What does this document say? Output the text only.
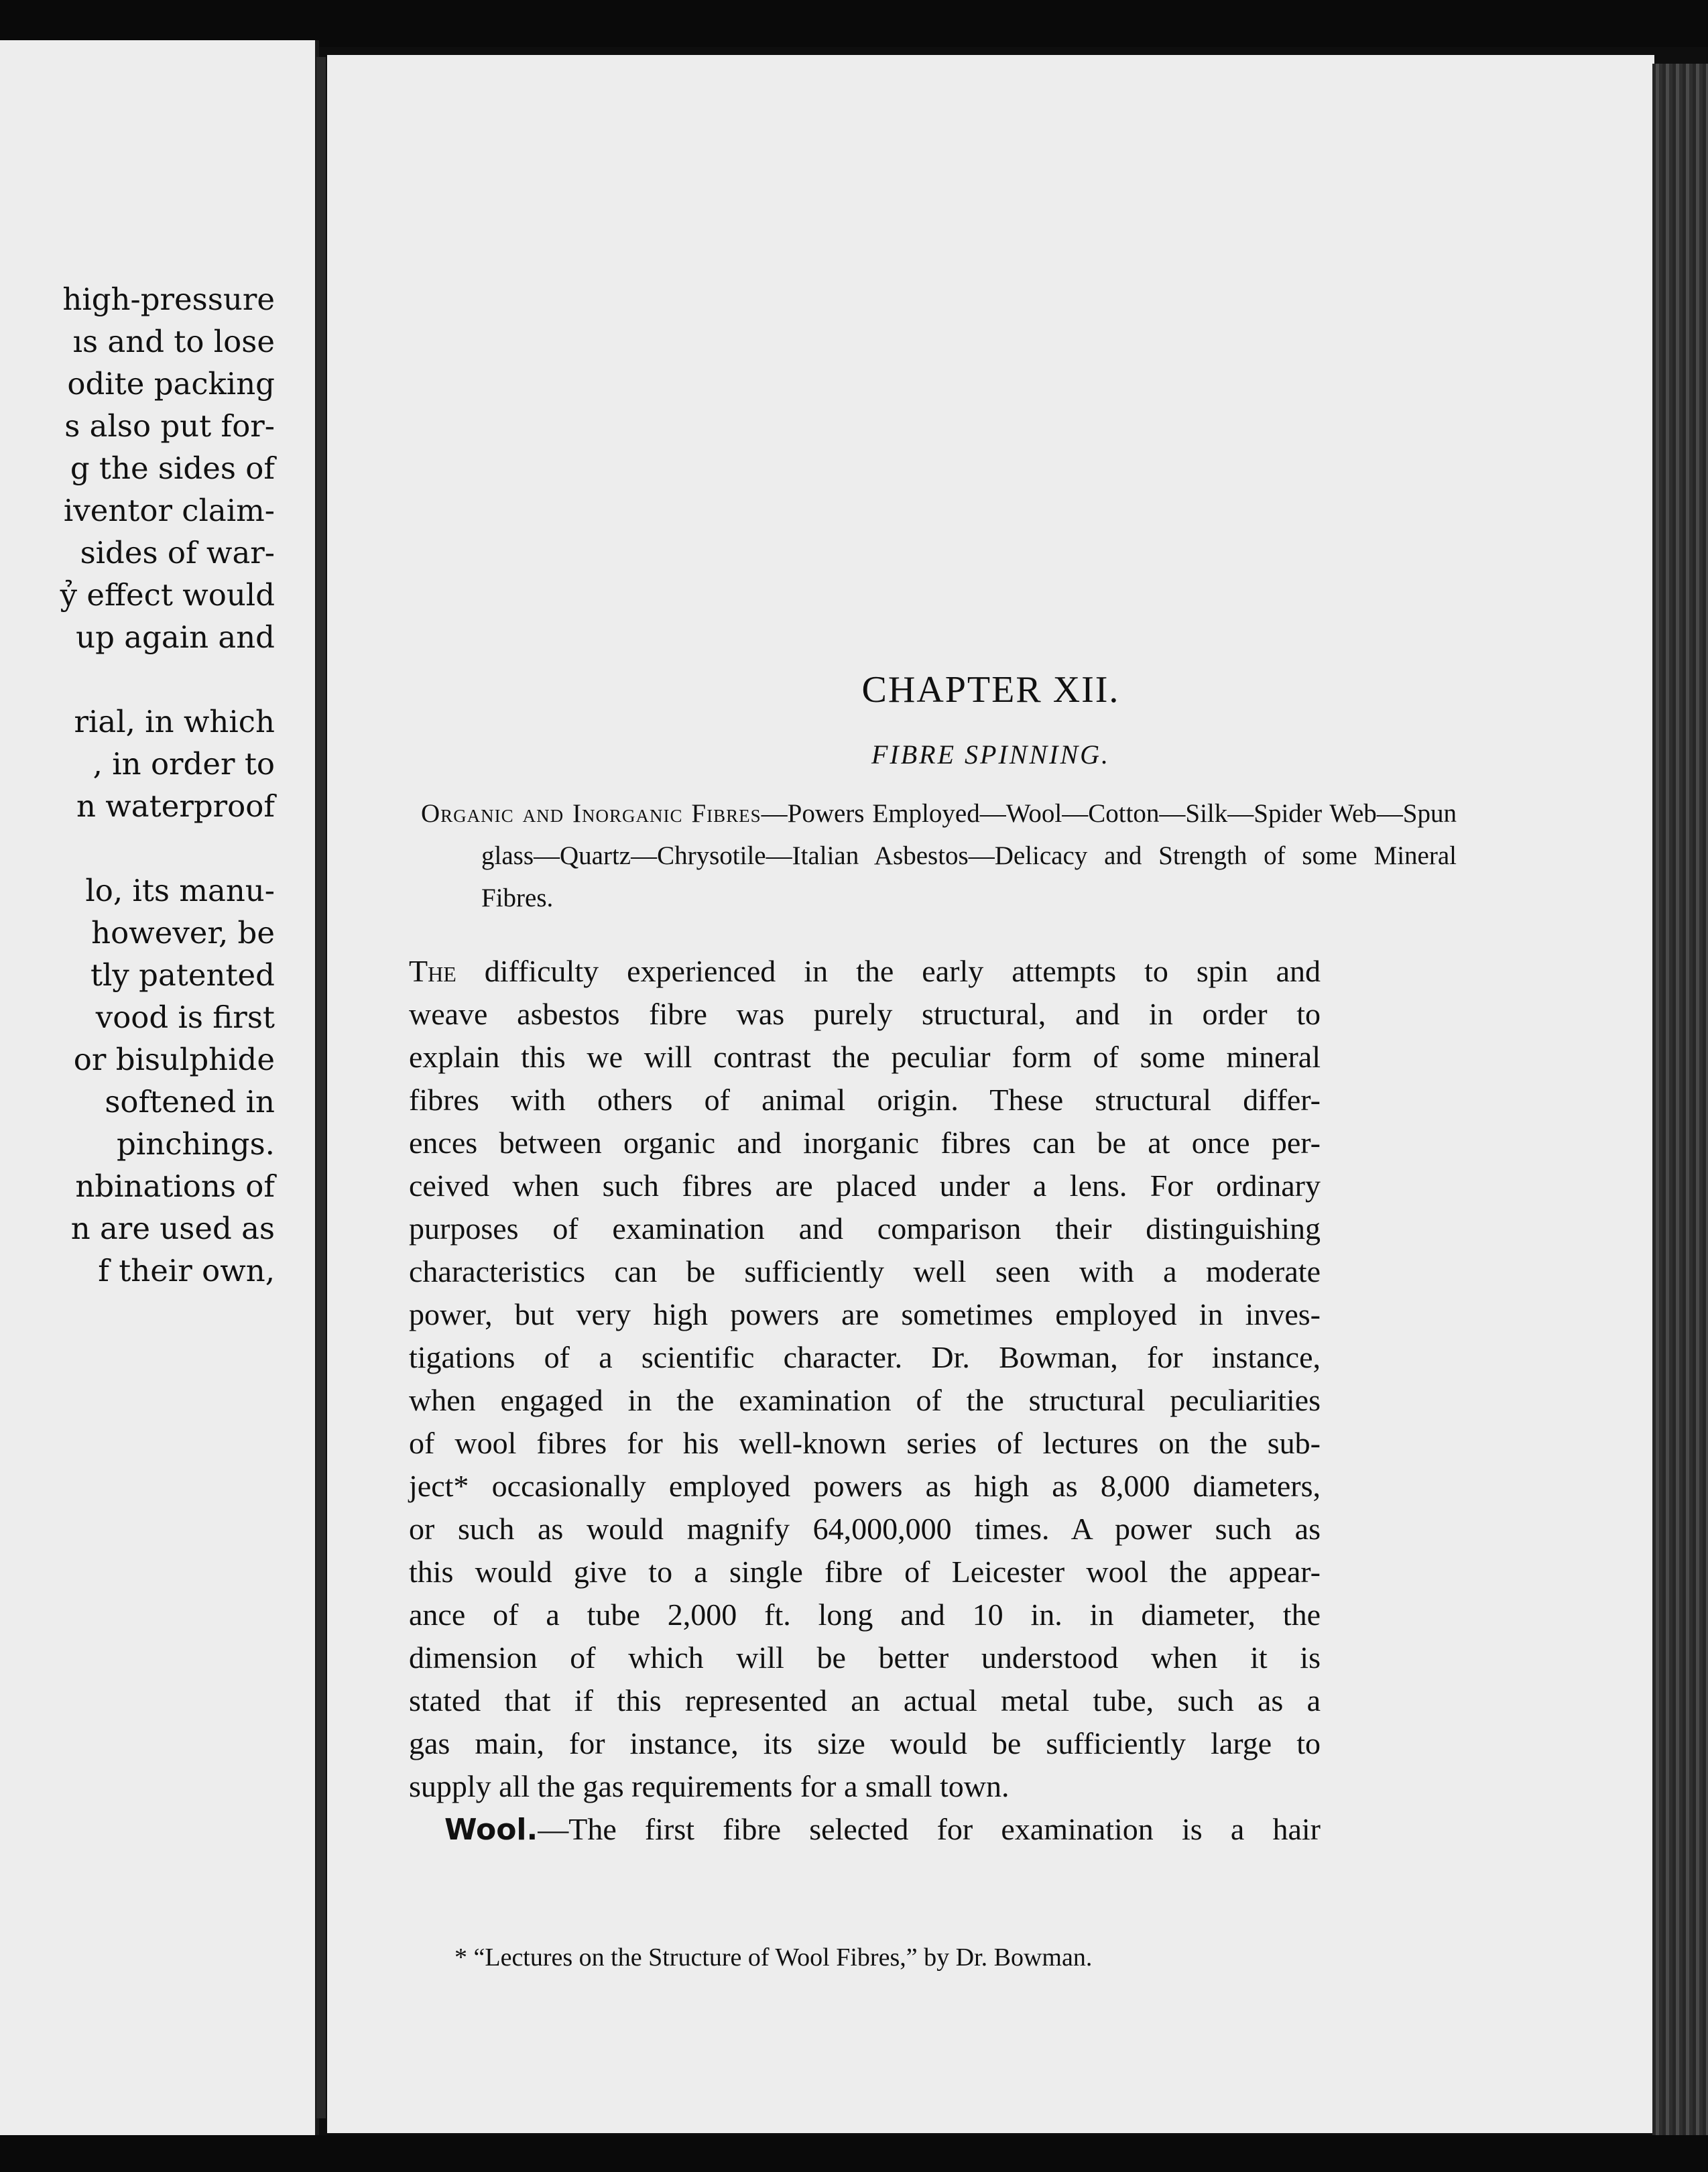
high-pressure
ıs and to lose
odite packing
s also put for-
g the sides of
iventor claim-
sides of war-
ỷ effect would
up again and
rial, in which
, in order to
n waterproof
lo, its manu-
however, be
tly patented
vood is first
or bisulphide
softened in
pinchings.
nbinations of
n are used as
f their own,
CHAPTER XII.
FIBRE SPINNING.
Organic and Inorganic Fibres—Powers Employed—Wool—Cotton—Silk—Spider Web—Spun glass—Quartz—Chrysotile—Italian Asbestos—Delicacy and Strength of some Mineral Fibres.
The difficulty experienced in the early attempts to spin and
weave asbestos fibre was purely structural, and in order to
explain this we will contrast the peculiar form of some mineral
fibres with others of animal origin. These structural differ-
ences between organic and inorganic fibres can be at once per-
ceived when such fibres are placed under a lens. For ordinary
purposes of examination and comparison their distinguishing
characteristics can be sufficiently well seen with a moderate
power, but very high powers are sometimes employed in inves-
tigations of a scientific character. Dr. Bowman, for instance,
when engaged in the examination of the structural peculiarities
of wool fibres for his well-known series of lectures on the sub-
ject* occasionally employed powers as high as 8,000 diameters,
or such as would magnify 64,000,000 times. A power such as
this would give to a single fibre of Leicester wool the appear-
ance of a tube 2,000 ft. long and 10 in. in diameter, the
dimension of which will be better understood when it is
stated that if this represented an actual metal tube, such as a
gas main, for instance, its size would be sufficiently large to
supply all the gas requirements for a small town.
Wool.—The first fibre selected for examination is a hair
* “Lectures on the Structure of Wool Fibres,” by Dr. Bowman.
